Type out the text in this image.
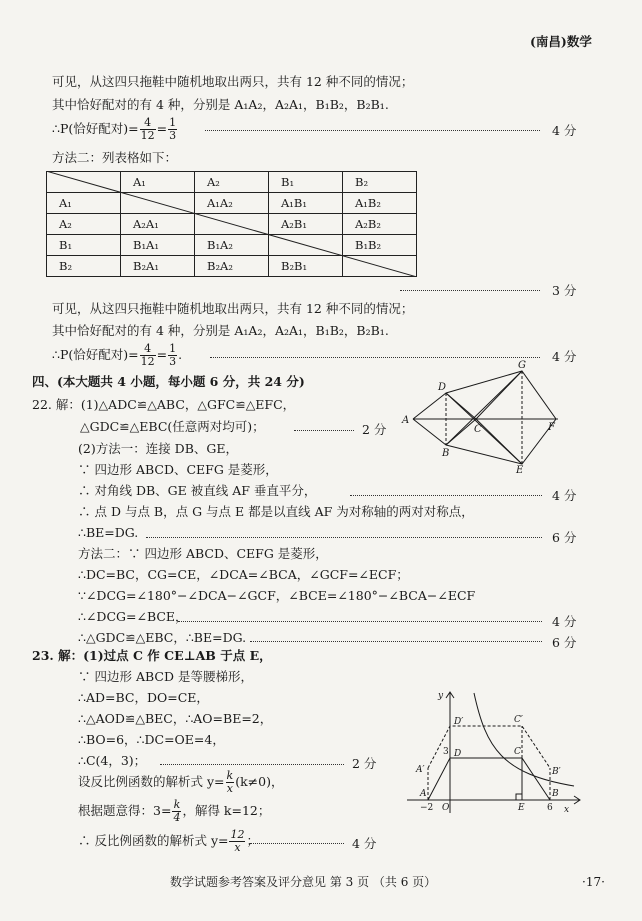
(南昌)数学
可见，从这四只拖鞋中随机地取出两只，共有 12 种不同的情况；
其中恰好配对的有 4 种，分别是 A₁A₂，A₂A₁，B₁B₂，B₂B₁.
∴P(恰好配对)= $\frac{4}{12} = \frac{1}{3}$	4 分
方法二：列表格如下：
	A₁	A₂	B₁	B₂
A₁		A₁A₂	A₁B₁	A₁B₂
A₂	A₂A₁		A₂B₁	A₂B₂
B₁	B₁A₁	B₁A₂		B₁B₂
B₂	B₂A₁	B₂A₂	B₂B₁	
3 分
可见，从这四只拖鞋中随机地取出两只，共有 12 种不同的情况；
其中恰好配对的有 4 种，分别是 A₁A₂，A₂A₁，B₁B₂，B₂B₁.
∴P(恰好配对)= $\frac{4}{12} = \frac{1}{3}$ .	4 分
四、(本大题共 4 小题，每小题 6 分，共 24 分)
22. 解：(1)△ADC≌△ABC，△GFC≌△EFC，
△GDC≌△EBC(任意两对均可)；	2 分
(2)方法一：连接 DB、GE，
∵ 四边形 ABCD、CEFG 是菱形，
∴ 对角线 DB、GE 被直线 AF 垂直平分，	4 分
∴ 点 D 与点 B，点 G 与点 E 都是以直线 AF 为对称轴的两对对称点，
∴BE=DG.	6 分
方法二：∵ 四边形 ABCD、CEFG 是菱形，
∴DC=BC，CG=CE，∠DCA=∠BCA，∠GCF=∠ECF；
∵∠DCG=∠180°−∠DCA−∠GCF，∠BCE=∠180°−∠BCA−∠ECF
∴∠DCG=∠BCE，	4 分
∴△GDC≌△EBC，∴BE=DG.	6 分
A
D
C
B
G
F
E
23. 解：(1)过点 C 作 CE⊥AB 于点 E，
∵ 四边形 ABCD 是等腰梯形，
∴AD=BC，DO=CE，
∴△AOD≌△BEC，∴AO=BE=2，
∴BO=6，∴DC=OE=4，
∴C(4，3)；	2 分
设反比例函数的解析式 $y= \frac{k}{x} (k\ne 0)$，
根据题意得：$3= \frac{k}{4}$ ，解得 k=12；
∴ 反比例函数的解析式 $y= \frac{12}{x}$ ；	4 分
x
y
D′	C′
D	C
A′	B′
A
O	E
B
3
−2	6
数学试题参考答案及评分意见 第 3 页 （共 6 页）	·17·
